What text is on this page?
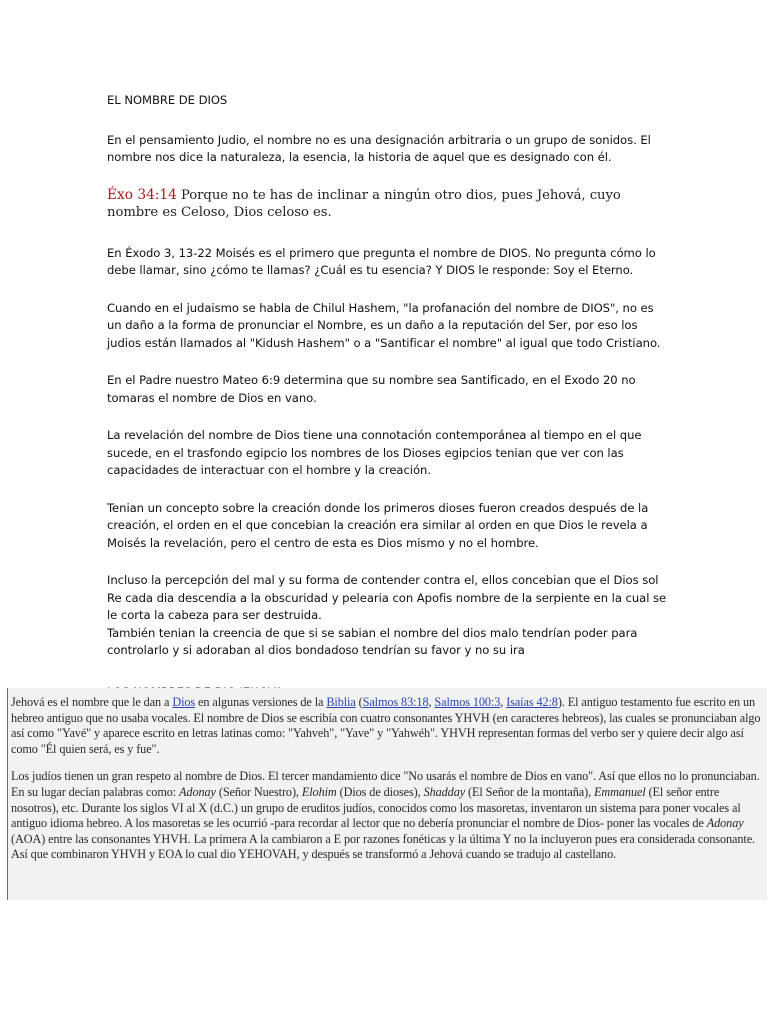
EL NOMBRE DE DIOS

En el pensamiento Judio, el nombre no es una designación arbitraria o un grupo de sonidos. El nombre nos dice la naturaleza, la esencia, la historia de aquel que es designado con él.

Éxo 34:14 Porque no te has de inclinar a ningún otro dios, pues Jehová, cuyo nombre es Celoso, Dios celoso es.

En Éxodo 3, 13-22 Moisés es el primero que pregunta el nombre de DIOS. No pregunta cómo lo debe llamar, sino ¿cómo te llamas? ¿Cuál es tu esencia? Y DIOS le responde: Soy el Eterno.

Cuando en el judaismo se habla de Chilul Hashem, "la profanación del nombre de DIOS", no es un daño a la forma de pronunciar el Nombre, es un daño a la reputación del Ser, por eso los judios están llamados al "Kidush Hashem" o a "Santificar el nombre" al igual que todo Cristiano.

En el Padre nuestro Mateo 6:9 determina que su nombre sea Santificado, en el Exodo 20 no tomaras el nombre de Dios en vano.

La revelación del nombre de Dios tiene una connotación contemporánea al tiempo en el que sucede, en el trasfondo egipcio los nombres de los Dioses egipcios tenian que ver con las capacidades de interactuar con el hombre y la creación.

Tenian un concepto sobre la creación donde los primeros dioses fueron creados después de la creación, el orden en el que concebian la creación era similar al orden en que Dios le revela a Moisés la revelación, pero el centro de esta es Dios mismo y no el hombre.

Incluso la percepción del mal y su forma de contender contra el, ellos concebian que el Dios sol Re cada dia descendia a la obscuridad y pelearia con Apofis nombre de la serpiente en la cual se le corta la cabeza para ser destruida.
También tenian la creencia de que si se sabian el nombre del dios malo tendrían poder para controlarlo y si adoraban al dios bondadoso tendrían su favor y no su ira

Jehová es el nombre que le dan a Dios en algunas versiones de la Biblia (Salmos 83:18, Salmos 100:3, Isaías 42:8). El antiguo testamento fue escrito en un hebreo antiguo que no usaba vocales. El nombre de Dios se escribía con cuatro consonantes YHVH (en caracteres hebreos), las cuales se pronunciaban algo así como "Yavé" y aparece escrito en letras latinas como: "Yahveh", "Yave" y "Yahwéh". YHVH representan formas del verbo ser y quiere decir algo así como "Él quien será, es y fue".

Los judíos tienen un gran respeto al nombre de Dios. El tercer mandamiento dice "No usarás el nombre de Dios en vano". Así que ellos no lo pronunciaban. En su lugar decían palabras como: Adonay (Señor Nuestro), Elohim (Dios de dioses), Shadday (El Señor de la montaña), Emmanuel (El señor entre nosotros), etc. Durante los siglos VI al X (d.C.) un grupo de eruditos judíos, conocidos como los masoretas, inventaron un sistema para poner vocales al antiguo idioma hebreo. A los masoretas se les ocurrió -para recordar al lector que no debería pronunciar el nombre de Dios- poner las vocales de Adonay (AOA) entre las consonantes YHVH. La primera A la cambiaron a E por razones fonéticas y la última Y no la incluyeron pues era considerada consonante. Así que combinaron YHVH y EOA lo cual dio YEHOVAH, y después se transformó a Jehová cuando se tradujo al castellano.
